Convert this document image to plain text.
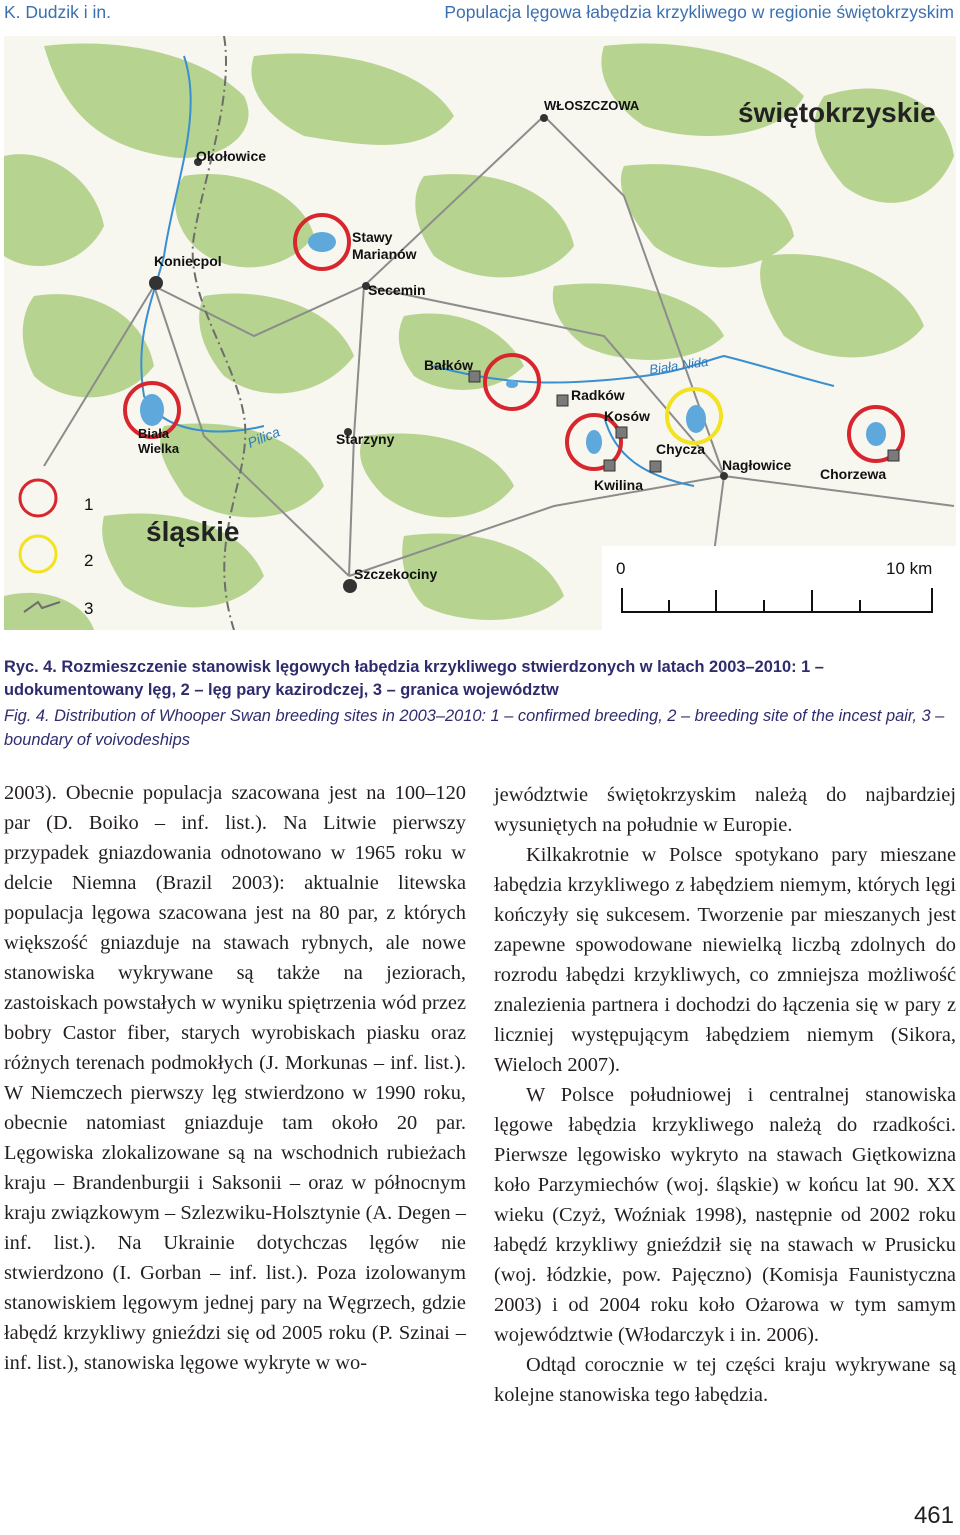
K. Dudzik i in.	Populacja lęgowa łabędzia krzykliwego w regionie świętokrzyskim
świętokrzyskie
śląskie
WŁOSZCZOWA
Okołowice
Koniecpol
Secemin
Starzyny
Szczekociny
Nagłowice
Stawy
Marianów
Bałków
Radków
Kosów
Chycza
Kwilina
Chorzewa
Biała
Wielka	Pilica
Biała Nida
1
2
3
0	10 km
Ryc. 4. Rozmieszczenie stanowisk lęgowych łabędzia krzykliwego stwierdzonych w latach 2003–2010: 1 – udokumentowany lęg, 2 – lęg pary kazirodczej, 3 – granica województw
Fig. 4. Distribution of Whooper Swan breeding sites in 2003–2010: 1 – confirmed breeding, 2 – breeding site of the incest pair, 3 – boundary of voivodeships

2003). Obecnie populacja szacowana jest na 100–120 par (D. Boiko – inf. list.). Na Litwie pierwszy przypadek gniazdowania odnotowano w 1965 roku w delcie Niemna (Brazil 2003): aktualnie litewska populacja lęgowa szacowana jest na 80 par, z których większość gniazduje na stawach rybnych, ale nowe stanowiska wykrywane są także na jeziorach, zastoiskach powstałych w wyniku spiętrzenia wód przez bobry Castor fiber, starych wyrobiskach piasku oraz różnych terenach podmokłych (J. Morkunas – inf. list.). W Niemczech pierwszy lęg stwierdzono w 1990 roku, obecnie natomiast gniazduje tam około 20 par. Lęgowiska zlokalizowane są na wschodnich rubieżach kraju – Brandenburgii i Saksonii – oraz w północnym kraju związkowym – Szlezwiku-Holsztynie (A. Degen – inf. list.). Na Ukrainie dotychczas lęgów nie stwierdzono (I. Gorban – inf. list.). Poza izolowanym stanowiskiem lęgowym jednej pary na Węgrzech, gdzie łabędź krzykliwy gnieździ się od 2005 roku (P. Szinai – inf. list.), stanowiska lęgowe wykryte w wo-

jewództwie świętokrzyskim należą do najbardziej wysuniętych na południe w Europie.

Kilkakrotnie w Polsce spotykano pary mieszane łabędzia krzykliwego z łabędziem niemym, których lęgi kończyły się sukcesem. Tworzenie par mieszanych jest zapewne spowodowane niewielką liczbą zdolnych do rozrodu łabędzi krzykliwych, co zmniejsza możliwość znalezienia partnera i dochodzi do łączenia się w pary z liczniej występującym łabędziem niemym (Sikora, Wieloch 2007).

W Polsce południowej i centralnej stanowiska lęgowe łabędzia krzykliwego należą do rzadkości. Pierwsze lęgowisko wykryto na stawach Giętkowizna koło Parzymiechów (woj. śląskie) w końcu lat 90. XX wieku (Czyż, Woźniak 1998), następnie od 2002 roku łabędź krzykliwy gnieździł się na stawach w Prusicku (woj. łódzkie, pow. Pajęczno) (Komisja Faunistyczna 2003) i od 2004 roku koło Ożarowa w tym samym województwie (Włodarczyk i in. 2006).

Odtąd corocznie w tej części kraju wykrywane są kolejne stanowiska tego łabędzia.

461
